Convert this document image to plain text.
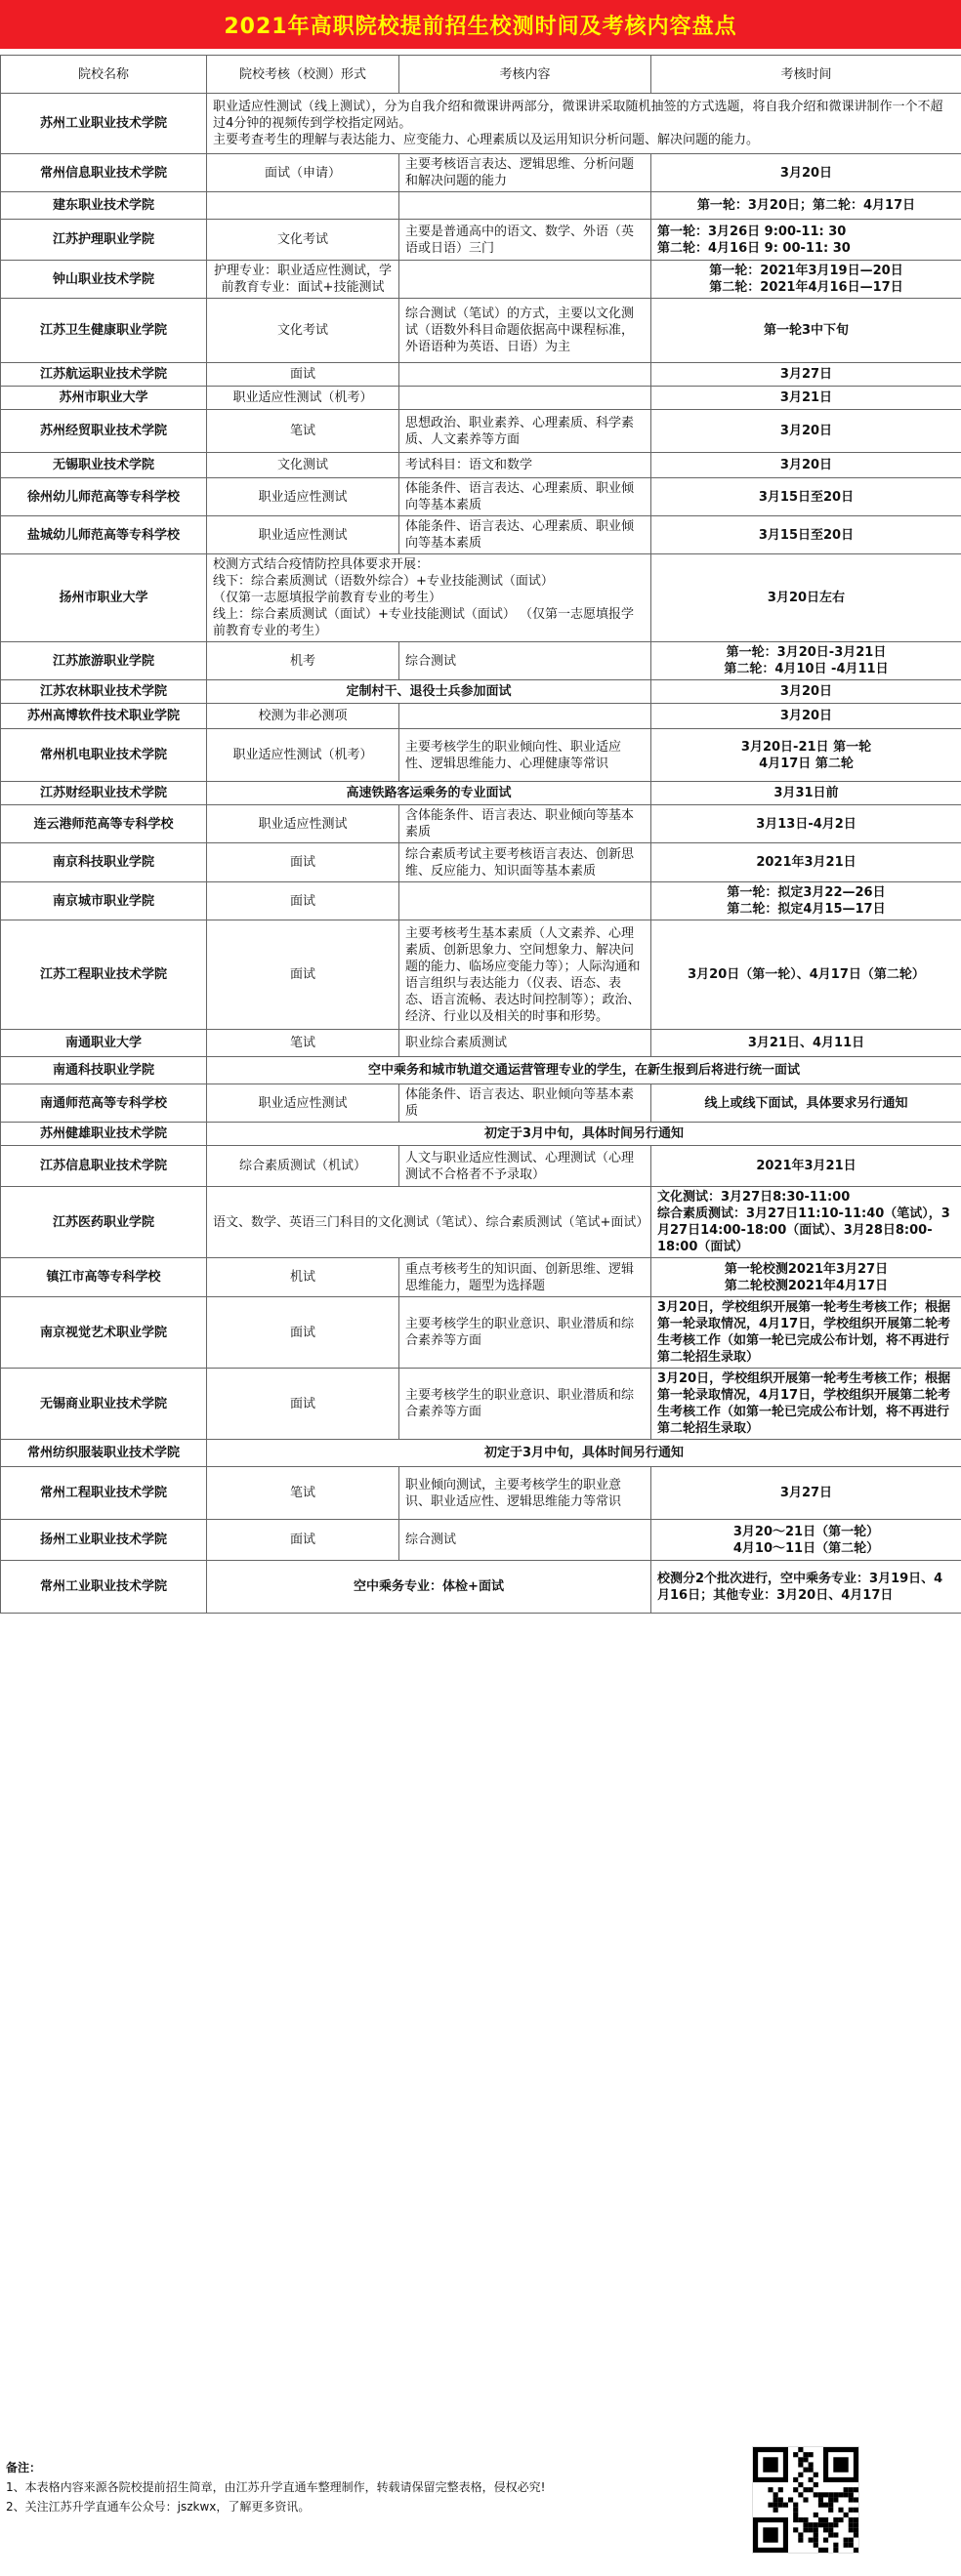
2021年高职院校提前招生校测时间及考核内容盘点
院校名称	院校考核（校测）形式	考核内容	考核时间
苏州工业职业技术学院	职业适应性测试（线上测试），分为自我介绍和微课讲两部分，微课讲采取随机抽签的方式选题，将自我介绍和微课讲制作一个不超过4分钟的视频传到学校指定网站。
主要考查考生的理解与表达能力、应变能力、心理素质以及运用知识分析问题、解决问题的能力。		
常州信息职业技术学院	面试（申请）	主要考核语言表达、逻辑思维、分析问题和解决问题的能力	3月20日
建东职业技术学院			第一轮：3月20日；第二轮：4月17日
江苏护理职业学院	文化考试	主要是普通高中的语文、数学、外语（英语或日语）三门	第一轮：3月26日 9:00-11: 30
第二轮：4月16日 9: 00-11: 30
钟山职业技术学院	护理专业：职业适应性测试，学前教育专业：面试+技能测试		第一轮：2021年3月19日—20日
第二轮：2021年4月16日—17日
江苏卫生健康职业学院	文化考试	综合测试（笔试）的方式，主要以文化测试（语数外科目命题依据高中课程标准，外语语种为英语、日语）为主	第一轮3中下旬
江苏航运职业技术学院	面试		3月27日
苏州市职业大学	职业适应性测试（机考）		3月21日
苏州经贸职业技术学院	笔试	思想政治、职业素养、心理素质、科学素质、人文素养等方面	3月20日
无锡职业技术学院	文化测试	考试科目：语文和数学	3月20日
徐州幼儿师范高等专科学校	职业适应性测试	体能条件、语言表达、心理素质、职业倾向等基本素质	3月15日至20日
盐城幼儿师范高等专科学校	职业适应性测试	体能条件、语言表达、心理素质、职业倾向等基本素质	3月15日至20日
扬州市职业大学	校测方式结合疫情防控具体要求开展：
线下：综合素质测试（语数外综合）+专业技能测试（面试）
（仅第一志愿填报学前教育专业的考生）
线上：综合素质测试（面试）+专业技能测试（面试） （仅第一志愿填报学前教育专业的考生）		3月20日左右
江苏旅游职业学院	机考	综合测试	第一轮：3月20日-3月21日
第二轮：4月10日 -4月11日
江苏农林职业技术学院	定制村干、退役士兵参加面试		3月20日
苏州高博软件技术职业学院	校测为非必测项		3月20日
常州机电职业技术学院	职业适应性测试（机考）	主要考核学生的职业倾向性、职业适应性、逻辑思维能力、心理健康等常识	3月20日-21日 第一轮
4月17日 第二轮
江苏财经职业技术学院	高速铁路客运乘务的专业面试		3月31日前
连云港师范高等专科学校	职业适应性测试	含体能条件、语言表达、职业倾向等基本素质	3月13日-4月2日
南京科技职业学院	面试	综合素质考试主要考核语言表达、创新思维、反应能力、知识面等基本素质	2021年3月21日
南京城市职业学院	面试		第一轮：拟定3月22—26日
第二轮：拟定4月15—17日
江苏工程职业技术学院	面试	主要考核考生基本素质（人文素养、心理素质、创新思象力、空间想象力、解决问题的能力、临场应变能力等）；人际沟通和语言组织与表达能力（仪表、语态、表态、语言流畅、表达时间控制等）；政治、经济、行业以及相关的时事和形势。	3月20日（第一轮）、4月17日（第二轮）
南通职业大学	笔试	职业综合素质测试	3月21日、4月11日
南通科技职业学院	空中乘务和城市轨道交通运营管理专业的学生，在新生报到后将进行统一面试		
南通师范高等专科学校	职业适应性测试	体能条件、语言表达、职业倾向等基本素质	线上或线下面试，具体要求另行通知
苏州健雄职业技术学院	初定于3月中旬，具体时间另行通知		
江苏信息职业技术学院	综合素质测试（机试）	人文与职业适应性测试、心理测试（心理测试不合格者不予录取）	2021年3月21日
江苏医药职业学院	语文、数学、英语三门科目的文化测试（笔试）、综合素质测试（笔试+面试）		文化测试：3月27日8:30-11:00
综合素质测试：3月27日11:10-11:40（笔试），3月27日14:00-18:00（面试）、3月28日8:00-18:00（面试）
镇江市高等专科学校	机试	重点考核考生的知识面、创新思维、逻辑思维能力，题型为选择题	第一轮校测2021年3月27日
第二轮校测2021年4月17日
南京视觉艺术职业学院	面试	主要考核学生的职业意识、职业潜质和综合素养等方面	3月20日，学校组织开展第一轮考生考核工作；根据第一轮录取情况，4月17日，学校组织开展第二轮考生考核工作（如第一轮已完成公布计划，将不再进行第二轮招生录取）
无锡商业职业技术学院	面试	主要考核学生的职业意识、职业潜质和综合素养等方面	3月20日，学校组织开展第一轮考生考核工作；根据第一轮录取情况，4月17日，学校组织开展第二轮考生考核工作（如第一轮已完成公布计划，将不再进行第二轮招生录取）
常州纺织服装职业技术学院	初定于3月中旬，具体时间另行通知		
常州工程职业技术学院	笔试	职业倾向测试，主要考核学生的职业意识、职业适应性、逻辑思维能力等常识	3月27日
扬州工业职业技术学院	面试	综合测试	3月20～21日（第一轮）
4月10～11日（第二轮）
常州工业职业技术学院	空中乘务专业：体检+面试		校测分2个批次进行，空中乘务专业：3月19日、4月16日；其他专业：3月20日、4月17日
备注：
1、本表格内容来源各院校提前招生简章，由江苏升学直通车整理制作，转载请保留完整表格，侵权必究!
2、关注江苏升学直通车公众号：jszkwx，了解更多资讯。
